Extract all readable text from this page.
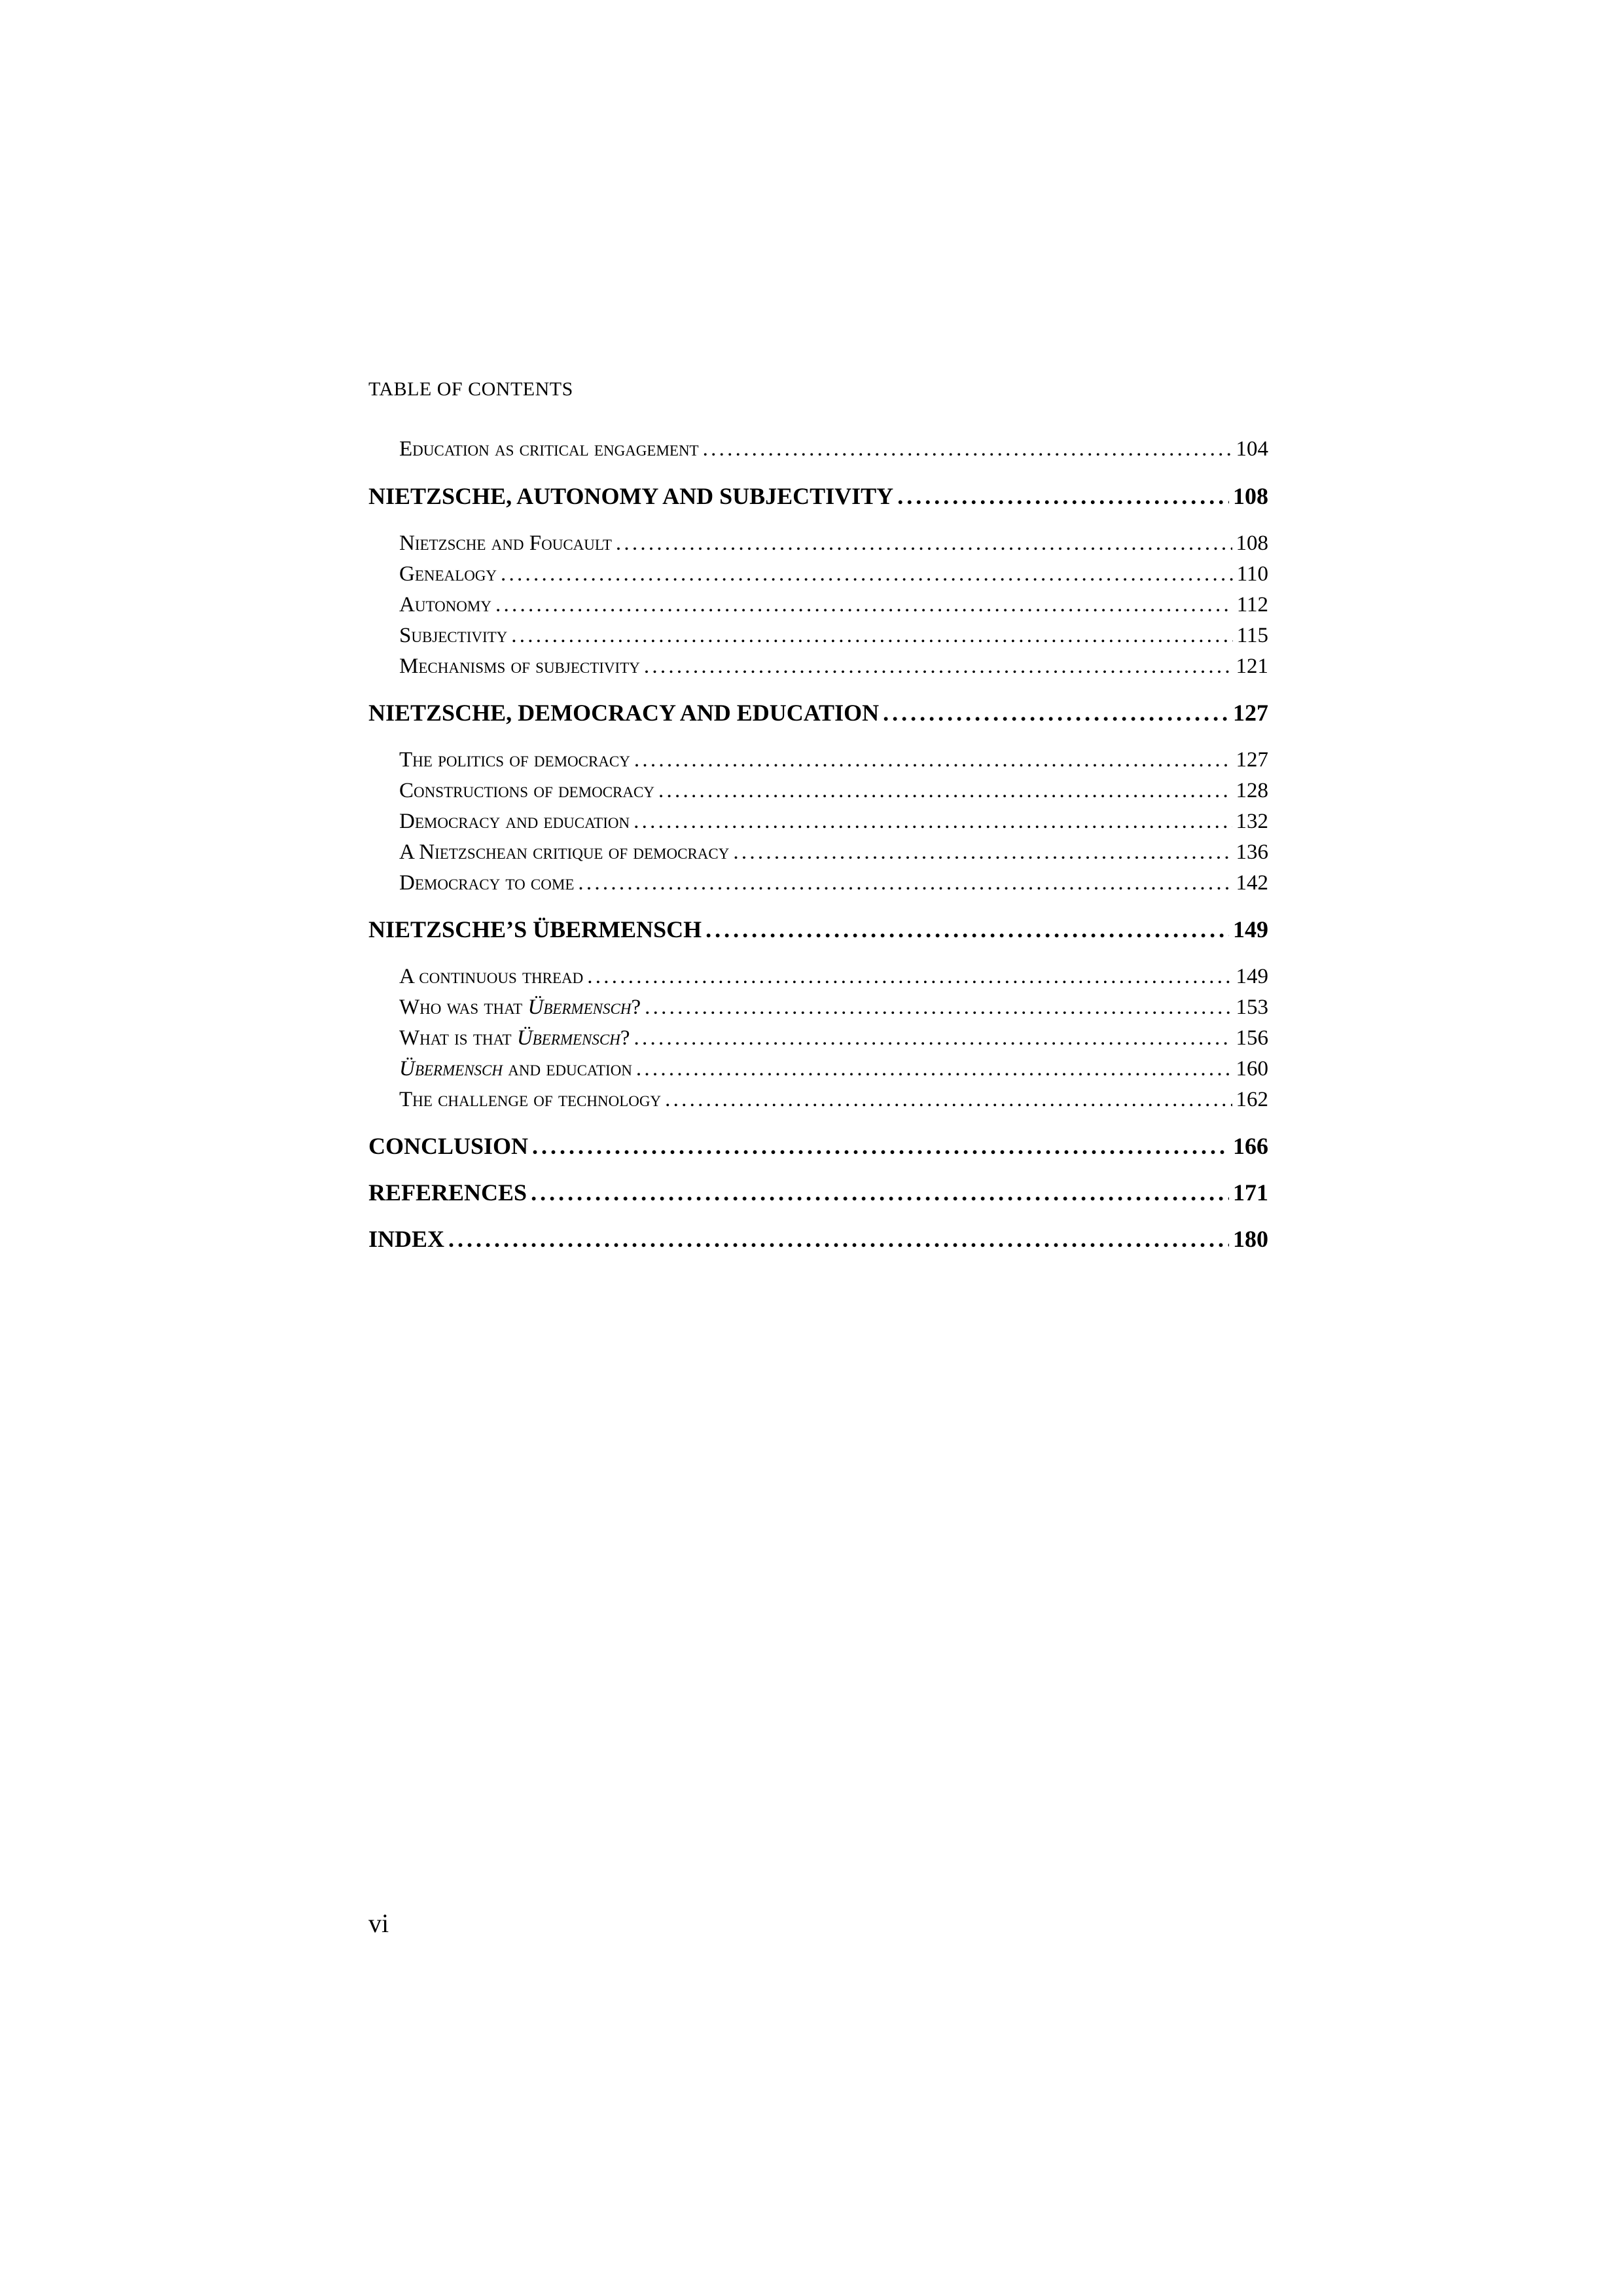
TABLE OF CONTENTS
Education as critical engagement . . .	104
NIETZSCHE, AUTONOMY AND SUBJECTIVITY . . .	108
Nietzsche and Foucault . . .	108
Genealogy . . .	110
Autonomy . . .	112
Subjectivity . . .	115
Mechanisms of subjectivity . . .	121
NIETZSCHE, DEMOCRACY AND EDUCATION . . .	127
The politics of democracy . . .	127
Constructions of democracy . . .	128
Democracy and education . . .	132
A Nietzschean critique of democracy . . .	136
Democracy to come . . .	142
NIETZSCHE’S ÜBERMENSCH . . .	149
A continuous thread . . .	149
Who was that Übermensch? . . .	153
What is that Übermensch? . . .	156
Übermensch and education . . .	160
The challenge of technology . . .	162
CONCLUSION . . .	166
REFERENCES . . .	171
INDEX . . .	180
vi
